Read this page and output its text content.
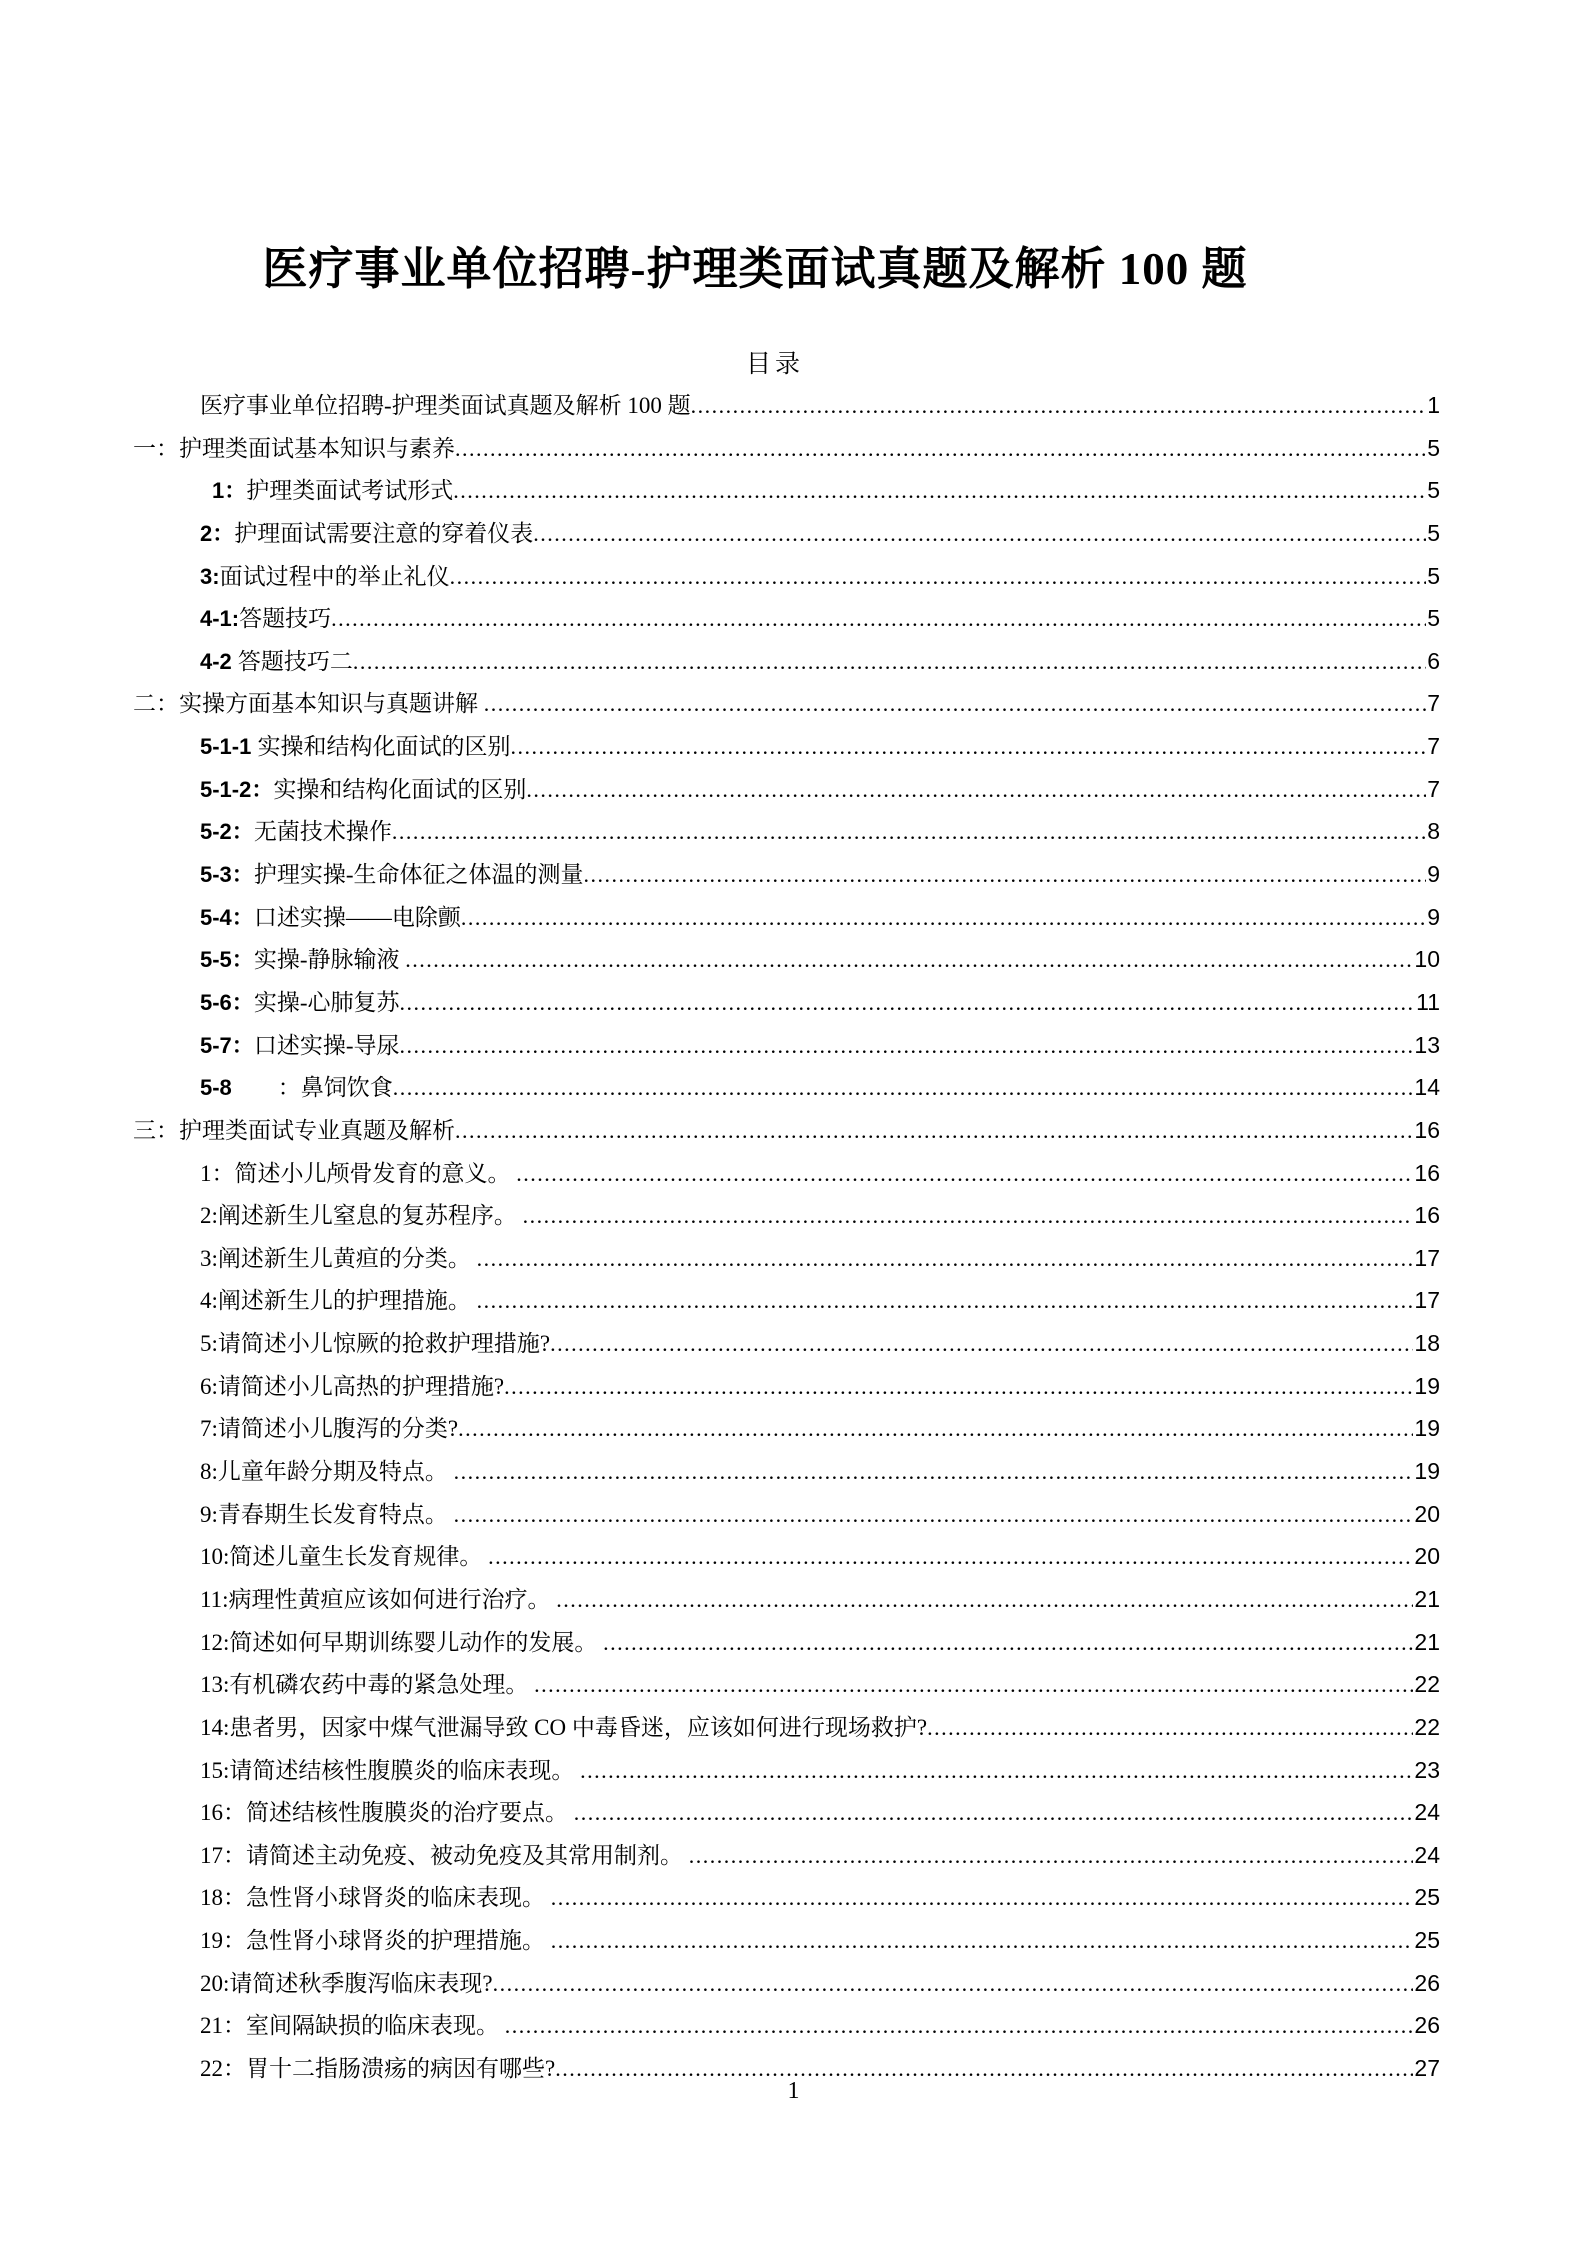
医疗事业单位招聘-护理类面试真题及解析 100 题
目录
医疗事业单位招聘-护理类面试真题及解析 100 题 .....	1
一：护理类面试基本知识与素养 .....	5
1： 护理类面试考试形式 .....	5
2： 护理面试需要注意的穿着仪表 .....	5
3: 面试过程中的举止礼仪 .....	5
4-1: 答题技巧 .....	5
4-2 答题技巧二 .....	6
二：实操方面基本知识与真题讲解 .....	7
5-1-1 实操和结构化面试的区别 .....	7
5-1-2： 实操和结构化面试的区别 .....	7
5-2： 无菌技术操作 .....	8
5-3： 护理实操-生命体征之体温的测量 .....	9
5-4： 口述实操——电除颤 .....	9
5-5： 实操-静脉输液 .....	10
5-6： 实操-心肺复苏 .....	11
5-7： 口述实操-导尿 .....	13
5-8 ：鼻饲饮食 .....	14
三：护理类面试专业真题及解析 .....	16
1：简述小儿颅骨发育的意义。 .....	16
2:阐述新生儿窒息的复苏程序。 .....	16
3:阐述新生儿黄疸的分类。 .....	17
4:阐述新生儿的护理措施。 .....	17
5:请简述小儿惊厥的抢救护理措施? .....	18
6:请简述小儿高热的护理措施? .....	19
7:请简述小儿腹泻的分类? .....	19
8:儿童年龄分期及特点。 .....	19
9:青春期生长发育特点。 .....	20
10:简述儿童生长发育规律。 .....	20
11:病理性黄疸应该如何进行治疗。 .....	21
12:简述如何早期训练婴儿动作的发展。 .....	21
13:有机磷农药中毒的紧急处理。 .....	22
14:患者男，因家中煤气泄漏导致 CO 中毒昏迷，应该如何进行现场救护? .....	22
15:请简述结核性腹膜炎的临床表现。 .....	23
16：简述结核性腹膜炎的治疗要点。 .....	24
17：请简述主动免疫、被动免疫及其常用制剂。 .....	24
18：急性肾小球肾炎的临床表现。 .....	25
19：急性肾小球肾炎的护理措施。 .....	25
20:请简述秋季腹泻临床表现? .....	26
21：室间隔缺损的临床表现。 .....	26
22：胃十二指肠溃疡的病因有哪些? .....	27
1
